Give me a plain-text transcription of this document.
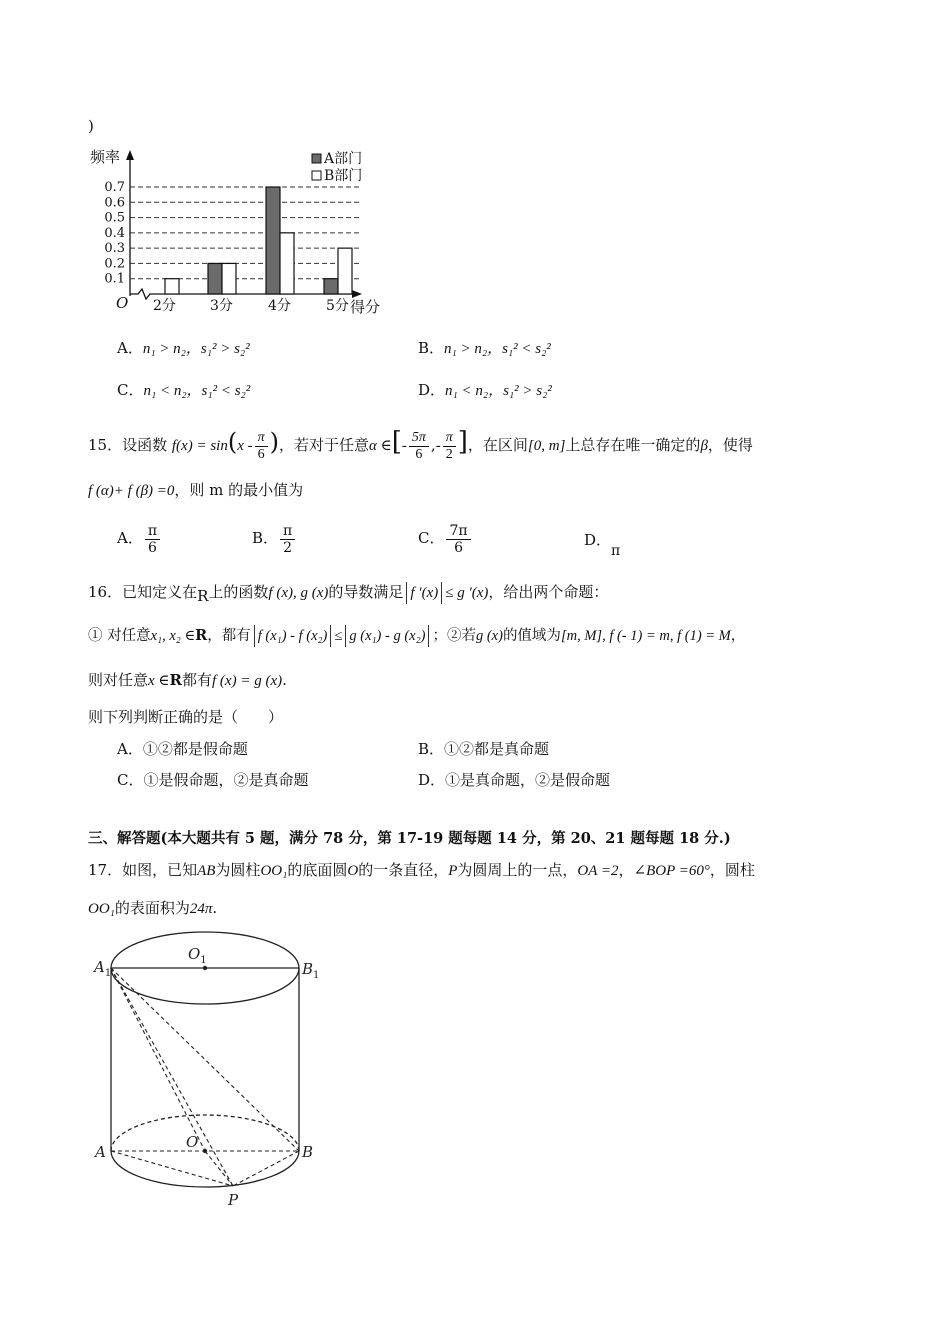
)
0.1
0.2
0.3
0.4
0.5
0.6
0.7
频率
得分
O 2分 3分	4分	5分
A部门
B部门
A．n₁ > n₂，s₁² > s₂²	B．n₁ > n₂，s₁² < s₂²
C．n₁ < n₂，s₁² < s₂²	D．n₁ < n₂，s₁² > s₂²
15．设函数 $f(x) = \sin(x - \frac{\pi}{6}$ )，若对于任意α ∈[- $\frac{5\pi}{6}$ ,- $\frac{\pi}{2}$ ]，在区间[0, m]上总存在唯一确定的β，使得
f (α)+ f (β) =0，则 m 的最小值为
A． $\frac{\pi}{6}$	B． $\frac{\pi}{2}$	C． $\frac{7\pi}{6}$	D．π
16．已知定义在R上的函数f (x), g (x)的导数满足 f ′(x) ≤ g ′(x)，给出两个命题：
① 对任意x₁, x₂ ∈R，都有 f (x₁) - f (x₂) ≤ g (x₁) - g (x₂) ；②若g (x)的值域为[m, M], f (- 1) = m, f (1) = M，
则对任意x ∈R都有f (x) = g (x).
则下列判断正确的是（　　）
A．①②都是假命题	B．①②都是真命题
C．①是假命题，②是真命题	D．①是真命题，②是假命题
三、解答题(本大题共有 5 题，满分 78 分，第 17-19 题每题 14 分，第 20、21 题每题 18 分.)
17．如图，已知AB为圆柱OO₁的底面圆O的一条直径，P为圆周上的一点，OA =2，∠BOP =60°，圆柱
OO₁的表面积为24π.
$A_1$
$O_1$	$B_1$
A
O
B
P
